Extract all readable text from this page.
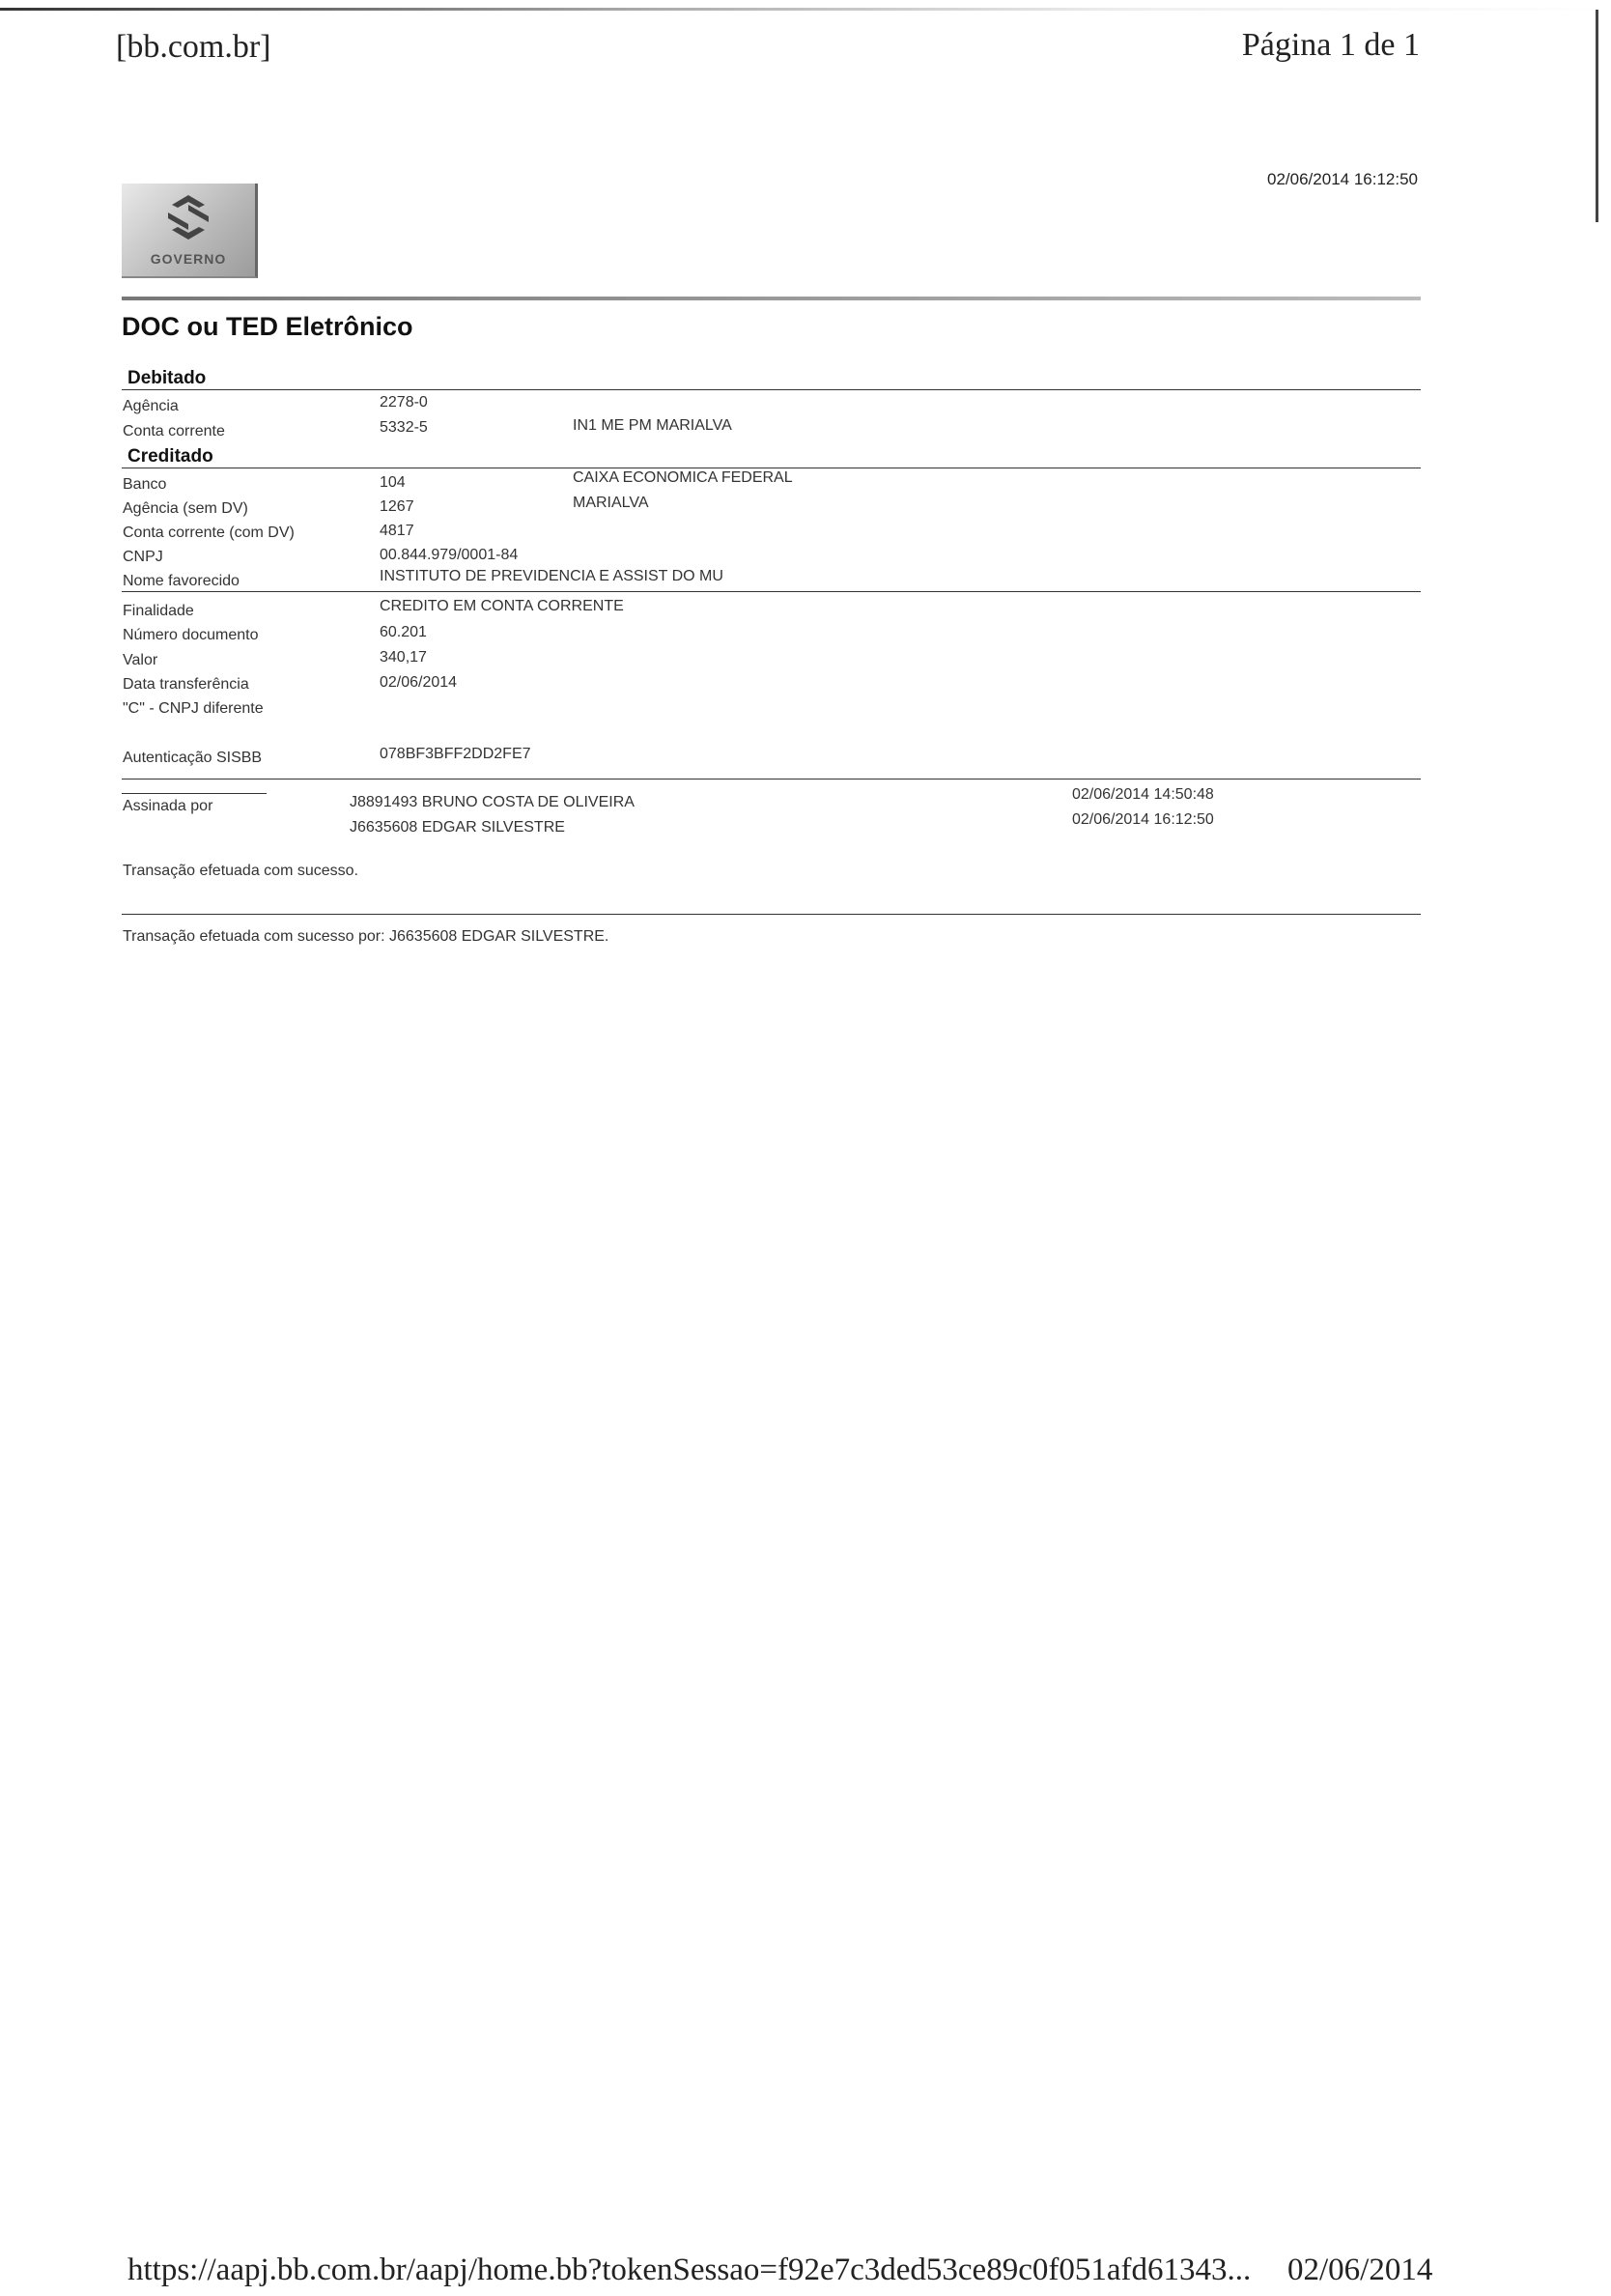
[bb.com.br]	Página 1 de 1
02/06/2014 16:12:50
GOVERNO
DOC ou TED Eletrônico
Debitado
Agência	2278-0
Conta corrente	5332-5	IN1 ME PM MARIALVA
Creditado
Banco	104	CAIXA ECONOMICA FEDERAL
Agência (sem DV)	1267	MARIALVA
Conta corrente (com DV)	4817
CNPJ	00.844.979/0001-84
Nome favorecido	INSTITUTO DE PREVIDENCIA E ASSIST DO MU
Finalidade	CREDITO EM CONTA CORRENTE
Número documento	60.201
Valor	340,17
Data transferência	02/06/2014
"C" - CNPJ diferente
Autenticação SISBB	078BF3BFF2DD2FE7
Assinada por	J8891493 BRUNO COSTA DE OLIVEIRA	02/06/2014 14:50:48
J6635608 EDGAR SILVESTRE	02/06/2014 16:12:50
Transação efetuada com sucesso.
Transação efetuada com sucesso por: J6635608 EDGAR SILVESTRE.
https://aapj.bb.com.br/aapj/home.bb?tokenSessao=f92e7c3ded53ce89c0f051afd61343... 02/06/2014
